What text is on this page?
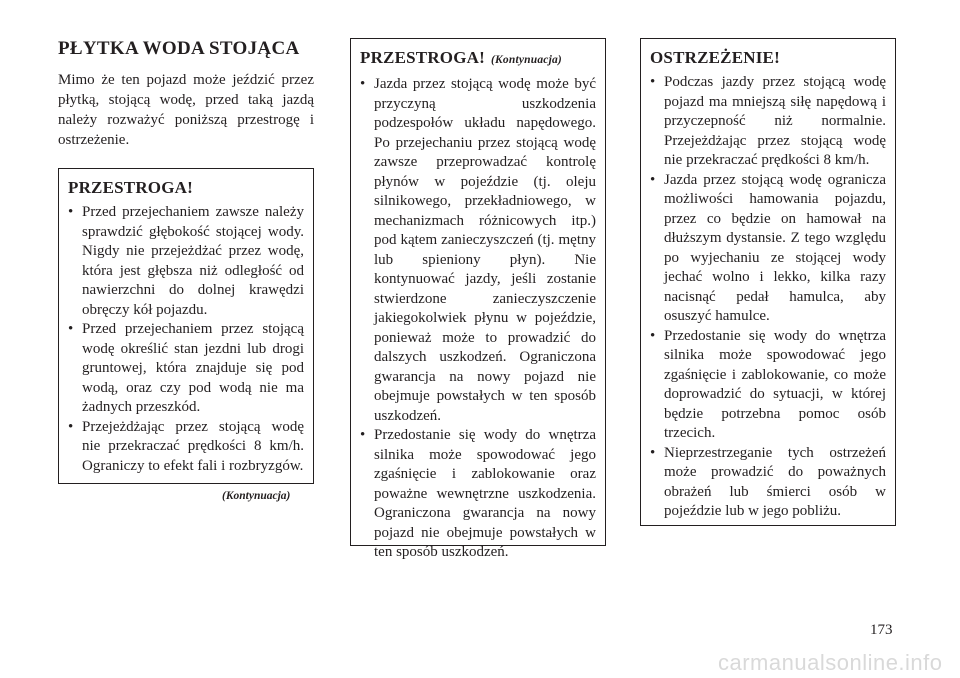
PŁYTKA WODA STOJĄCA

Mimo że ten pojazd może jeździć przez płytką, stojącą wodę, przed taką jazdą należy rozważyć poniższą przestrogę i ostrzeżenie.

PRZESTROGA!
• Przed przejechaniem zawsze należy sprawdzić głębokość stojącej wody. Nigdy nie przejeżdżać przez wodę, która jest głębsza niż odległość od nawierzchni do dolnej krawędzi obręczy kół pojazdu.
• Przed przejechaniem przez stojącą wodę określić stan jezdni lub drogi gruntowej, która znajduje się pod wodą, oraz czy pod wodą nie ma żadnych przeszkód.
• Przejeżdżając przez stojącą wodę nie przekraczać prędkości 8 km/h. Ograniczy to efekt fali i rozbryzgów.
(Kontynuacja)
PRZESTROGA! (Kontynuacja)
• Jazda przez stojącą wodę może być przyczyną uszkodzenia podzespołów układu napędowego. Po przejechaniu przez stojącą wodę zawsze przeprowadzać kontrolę płynów w pojeździe (tj. oleju silnikowego, przekładniowego, w mechanizmach różnicowych itp.) pod kątem zanieczyszczeń (tj. mętny lub spieniony płyn). Nie kontynuować jazdy, jeśli zostanie stwierdzone zanieczyszczenie jakiegokolwiek płynu w pojeździe, ponieważ może to prowadzić do dalszych uszkodzeń. Ograniczona gwarancja na nowy pojazd nie obejmuje powstałych w ten sposób uszkodzeń.
• Przedostanie się wody do wnętrza silnika może spowodować jego zgaśnięcie i zablokowanie oraz poważne wewnętrzne uszkodzenia. Ograniczona gwarancja na nowy pojazd nie obejmuje powstałych w ten sposób uszkodzeń.
OSTRZEŻENIE!
• Podczas jazdy przez stojącą wodę pojazd ma mniejszą siłę napędową i przyczepność niż normalnie. Przejeżdżając przez stojącą wodę nie przekraczać prędkości 8 km/h.
• Jazda przez stojącą wodę ogranicza możliwości hamowania pojazdu, przez co będzie on hamował na dłuższym dystansie. Z tego względu po wyjechaniu ze stojącej wody jechać wolno i lekko, kilka razy nacisnąć pedał hamulca, aby osuszyć hamulce.
• Przedostanie się wody do wnętrza silnika może spowodować jego zgaśnięcie i zablokowanie, co może doprowadzić do sytuacji, w której będzie potrzebna pomoc osób trzecich.
• Nieprzestrzeganie tych ostrzeżeń może prowadzić do poważnych obrażeń lub śmierci osób w pojeździe lub w jego pobliżu.
173
carmanualsonline.info
